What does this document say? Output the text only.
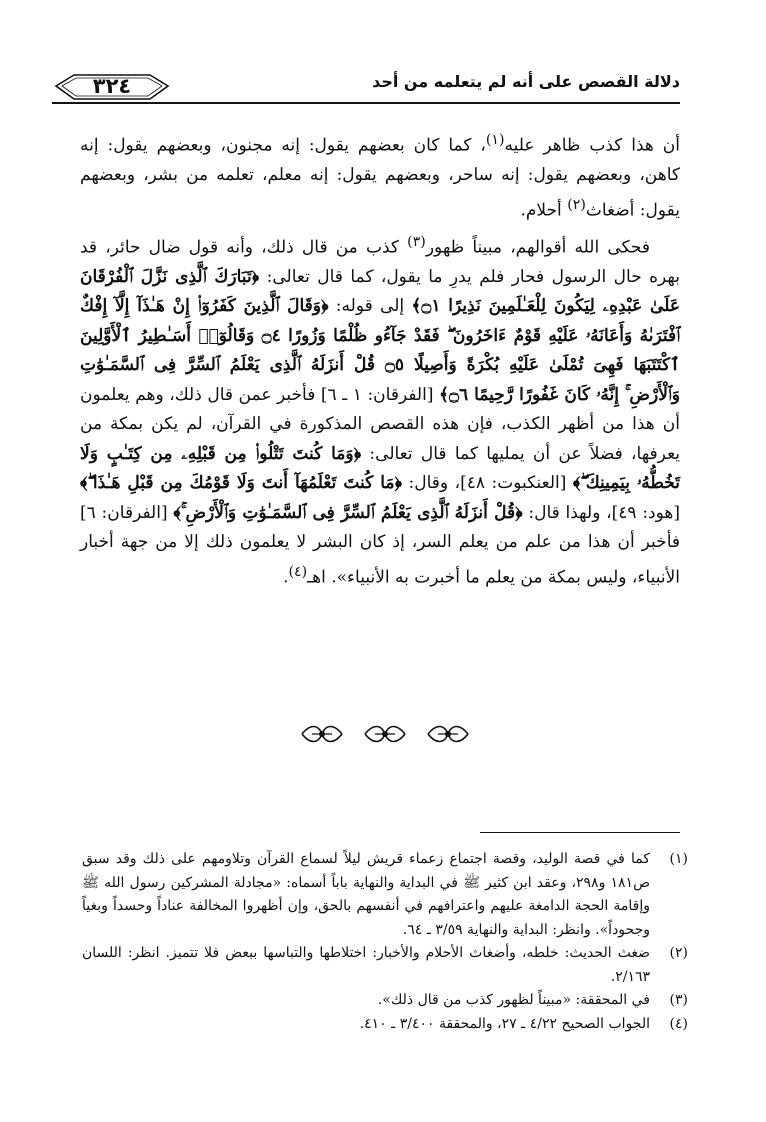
٣٢٤	دلالة القصص على أنه لم يتعلمه من أحد

أن هذا كذب ظاهر عليه$^{(١)}$، كما كان بعضهم يقول: إنه مجنون، وبعضهم يقول: إنه كاهن، وبعضهم يقول: إنه ساحر، وبعضهم يقول: إنه معلم، تعلمه من بشر، وبعضهم يقول: أضغاث$^{(٢)}$ أحلام.

فحكى الله أقوالهم، مبيناً ظهور$^{(٣)}$ كذب من قال ذلك، وأنه قول ضال حائر، قد بهره حال الرسول فحار فلم يدرِ ما يقول، كما قال تعالى: ﴿تَبَارَكَ ٱلَّذِى نَزَّلَ ٱلْفُرْقَانَ عَلَىٰ عَبْدِهِۦ لِيَكُونَ لِلْعَـٰلَمِينَ نَذِيرًا ۝١﴾ إلى قوله: ﴿وَقَالَ ٱلَّذِينَ كَفَرُوٓا۟ إِنْ هَـٰذَآ إِلَّآ إِفْكٌ ٱفْتَرَىٰهُ وَأَعَانَهُۥ عَلَيْهِ قَوْمٌ ءَاخَرُونَ ۖ فَقَدْ جَآءُو ظُلْمًا وَزُورًا ۝٤ وَقَالُوٓا۟ أَسَـٰطِيرُ ٱلْأَوَّلِينَ ٱكْتَتَبَهَا فَهِىَ تُمْلَىٰ عَلَيْهِ بُكْرَةً وَأَصِيلًا ۝٥ قُلْ أَنزَلَهُ ٱلَّذِى يَعْلَمُ ٱلسِّرَّ فِى ٱلسَّمَـٰوَٰتِ وَٱلْأَرْضِ ۚ إِنَّهُۥ كَانَ غَفُورًا رَّحِيمًا ۝٦﴾ [الفرقان: ١ ـ ٦] فأخبر عمن قال ذلك، وهم يعلمون أن هذا من أظهر الكذب، فإن هذه القصص المذكورة في القرآن، لم يكن بمكة من يعرفها، فضلاً عن أن يمليها كما قال تعالى: ﴿وَمَا كُنتَ تَتْلُوا۟ مِن قَبْلِهِۦ مِن كِتَـٰبٍ وَلَا تَخُطُّهُۥ بِيَمِينِكَ ۖ﴾ [العنكبوت: ٤٨]، وقال: ﴿مَا كُنتَ تَعْلَمُهَآ أَنتَ وَلَا قَوْمُكَ مِن قَبْلِ هَـٰذَا ۖ﴾ [هود: ٤٩]، ولهذا قال: ﴿قُلْ أَنزَلَهُ ٱلَّذِى يَعْلَمُ ٱلسِّرَّ فِى ٱلسَّمَـٰوَٰتِ وَٱلْأَرْضِ ۚ﴾ [الفرقان: ٦] فأخبر أن هذا من علم من يعلم السر، إذ كان البشر لا يعلمون ذلك إلا من جهة أخبار الأنبياء، وليس بمكة من يعلم ما أخبرت به الأنبياء». اهـ$^{(٤)}$.

(١)
كما في قصة الوليد، وقصة اجتماع زعماء قريش ليلاً لسماع القرآن وتلاومهم على ذلك وقد سبق ص١٨١ و٢٩٨، وعقد ابن كثير ﷺ في البداية والنهاية باباً أسماه: «مجادلة المشركين رسول الله ﷺ وإقامة الحجة الدامغة عليهم واعترافهم في أنفسهم بالحق، وإن أظهروا المخالفة عناداً وحسداً وبغياً وجحوداً». وانظر: البداية والنهاية ٣/٥٩ ـ ٦٤.
(٢)
ضغث الحديث: خلطه، وأضغاث الأحلام والأخبار: اختلاطها والتباسها ببعض فلا تتميز. انظر: اللسان ٢/١٦٣.
(٣)
في المحققة: «مبيناً لظهور كذب من قال ذلك».
(٤)
الجواب الصحيح ٤/٢٢ ـ ٢٧، والمحققة ٣/٤٠٠ ـ ٤١٠.
